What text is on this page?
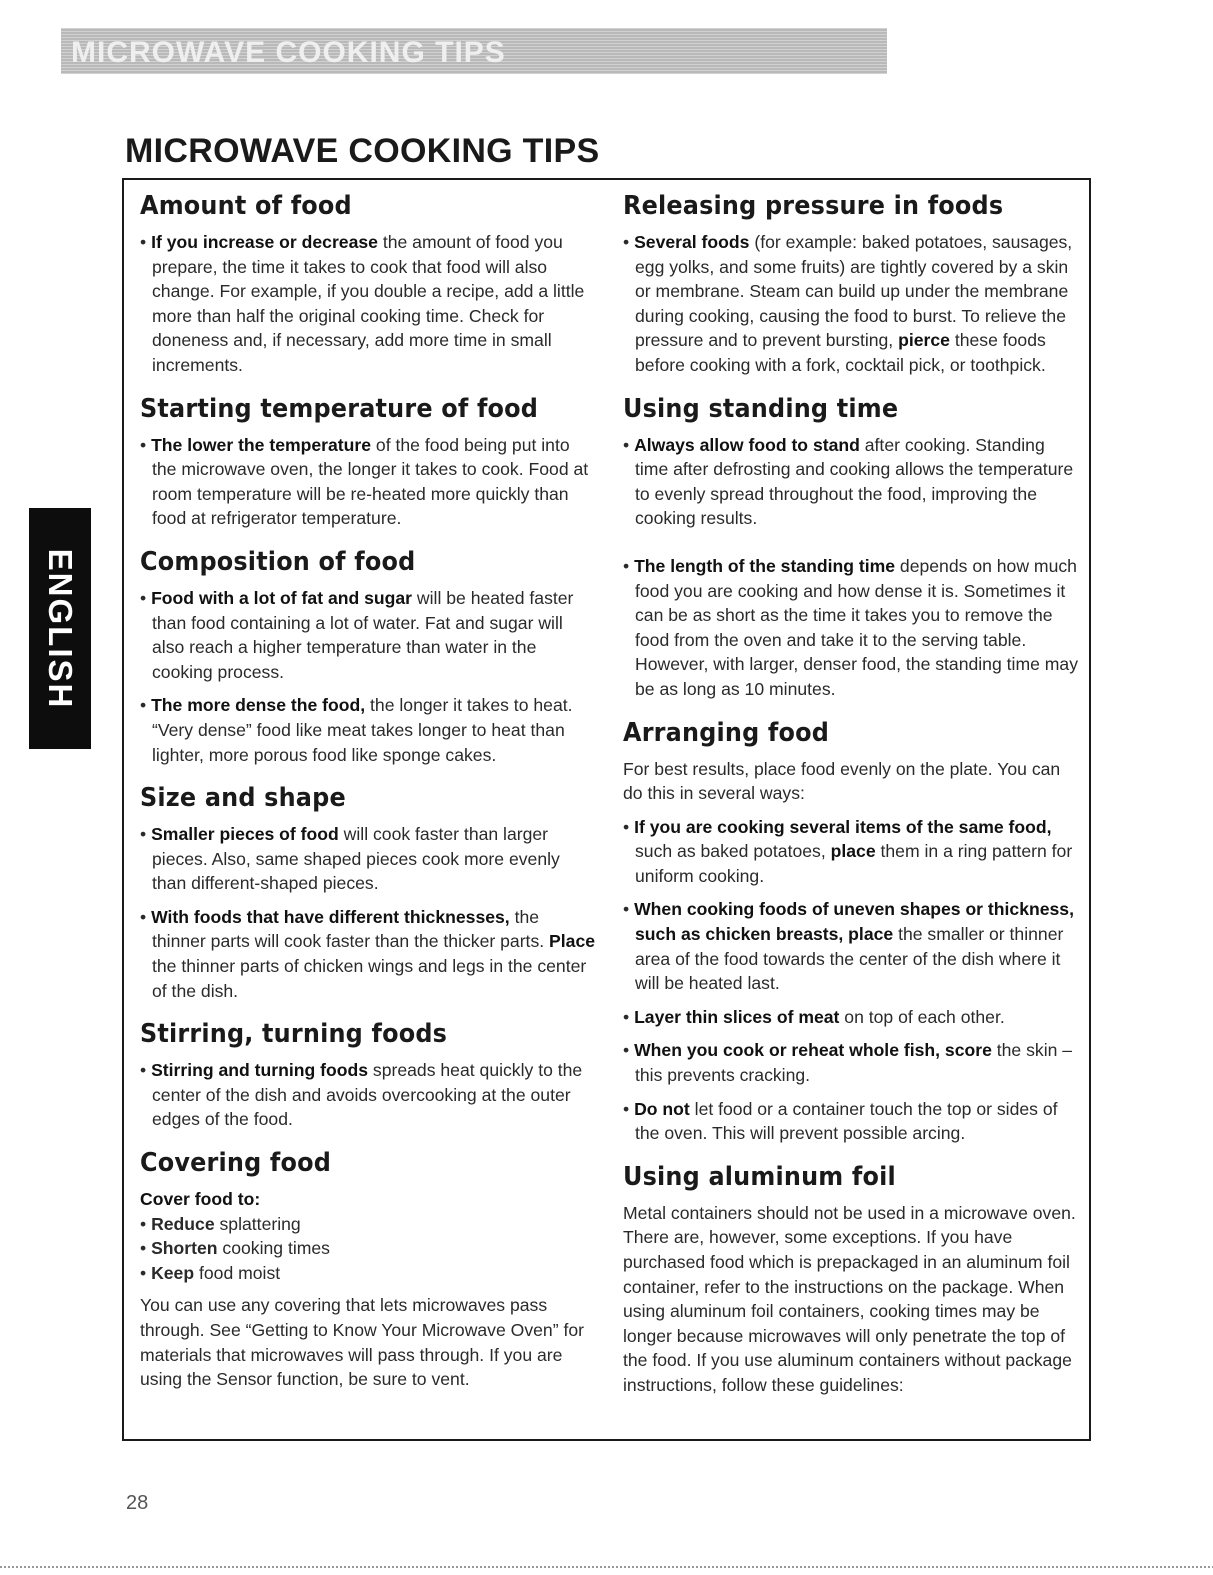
MICROWAVE COOKING TIPS
MICROWAVE COOKING TIPS
ENGLISH
Amount of food

• If you increase or decrease the amount of food you prepare, the time it takes to cook that food will also change. For example, if you double a recipe, add a little more than half the original cooking time. Check for doneness and, if necessary, add more time in small increments.

Starting temperature of food

• The lower the temperature of the food being put into the microwave oven, the longer it takes to cook. Food at room temperature will be re-heated more quickly than food at refrigerator temperature.

Composition of food

• Food with a lot of fat and sugar will be heated faster than food containing a lot of water. Fat and sugar will also reach a higher temperature than water in the cooking process.

• The more dense the food, the longer it takes to heat. “Very dense” food like meat takes longer to heat than lighter, more porous food like sponge cakes.

Size and shape

• Smaller pieces of food will cook faster than larger pieces. Also, same shaped pieces cook more evenly than different-shaped pieces.

• With foods that have different thicknesses, the thinner parts will cook faster than the thicker parts. Place the thinner parts of chicken wings and legs in the center of the dish.

Stirring, turning foods

• Stirring and turning foods spreads heat quickly to the center of the dish and avoids overcooking at the outer edges of the food.

Covering food

Cover food to:

• Reduce splattering

• Shorten cooking times

• Keep food moist

You can use any covering that lets microwaves pass through. See “Getting to Know Your Microwave Oven” for materials that microwaves will pass through. If you are using the Sensor function, be sure to vent.

Releasing pressure in foods

• Several foods (for example: baked potatoes, sausages, egg yolks, and some fruits) are tightly covered by a skin or membrane. Steam can build up under the membrane during cooking, causing the food to burst. To relieve the pressure and to prevent bursting, pierce these foods before cooking with a fork, cocktail pick, or toothpick.

Using standing time

• Always allow food to stand after cooking. Standing time after defrosting and cooking allows the temperature to evenly spread throughout the food, improving the cooking results.

• The length of the standing time depends on how much food you are cooking and how dense it is. Sometimes it can be as short as the time it takes you to remove the food from the oven and take it to the serving table. However, with larger, denser food, the standing time may be as long as 10 minutes.

Arranging food

For best results, place food evenly on the plate. You can do this in several ways:

• If you are cooking several items of the same food, such as baked potatoes, place them in a ring pattern for uniform cooking.

• When cooking foods of uneven shapes or thickness, such as chicken breasts, place the smaller or thinner area of the food towards the center of the dish where it will be heated last.

• Layer thin slices of meat on top of each other.

• When you cook or reheat whole fish, score the skin – this prevents cracking.

• Do not let food or a container touch the top or sides of the oven. This will prevent possible arcing.

Using aluminum foil

Metal containers should not be used in a microwave oven. There are, however, some exceptions. If you have purchased food which is prepackaged in an aluminum foil container, refer to the instructions on the package. When using aluminum foil containers, cooking times may be longer because microwaves will only penetrate the top of the food. If you use aluminum containers without package instructions, follow these guidelines:

28
